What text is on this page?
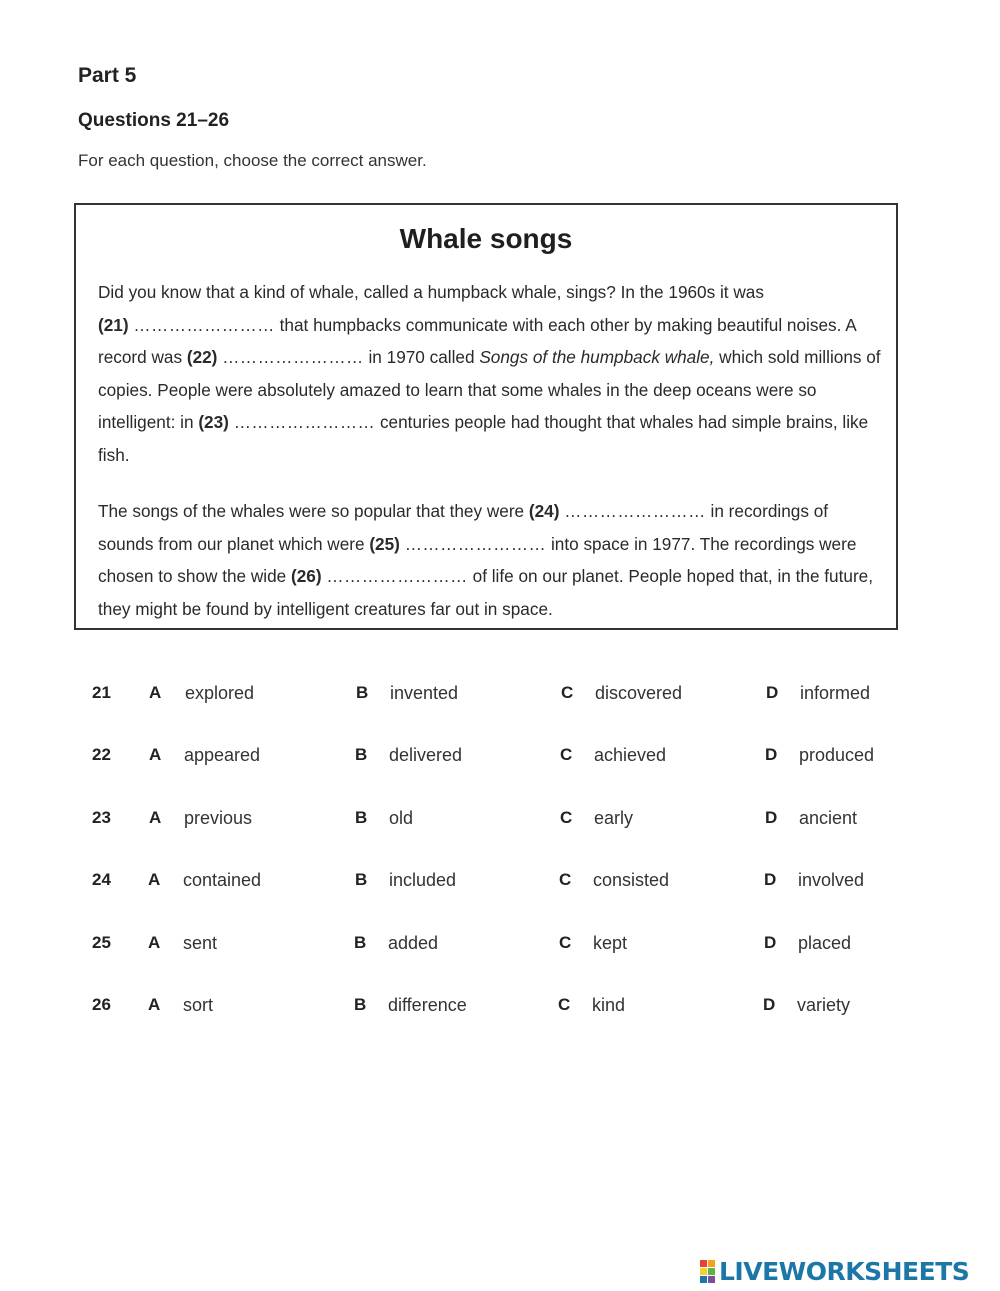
Part 5
Questions 21–26
For each question, choose the correct answer.
Whale songs
Did you know that a kind of whale, called a humpback whale, sings? In the 1960s it was
(21) …………………… that humpbacks communicate with each other by making beautiful noises. A record was (22) …………………… in 1970 called Songs of the humpback whale, which sold millions of copies. People were absolutely amazed to learn that some whales in the deep oceans were so intelligent: in (23) …………………… centuries people had thought that whales had simple brains, like fish.
The songs of the whales were so popular that they were (24) …………………… in recordings of sounds from our planet which were (25) …………………… into space in 1977. The recordings were chosen to show the wide (26) …………………… of life on our planet. People hoped that, in the future, they might be found by intelligent creatures far out in space.
21 A explored	B invented	C discovered	D informed
22 A appeared	B delivered	C achieved	D produced
23 A previous	B old	C early	D ancient
24 A contained	B included	C consisted	D involved
25 A sent	B added	C kept	D placed
26 A sort	B difference	C kind	D variety
LIVEWORKSHEETS
